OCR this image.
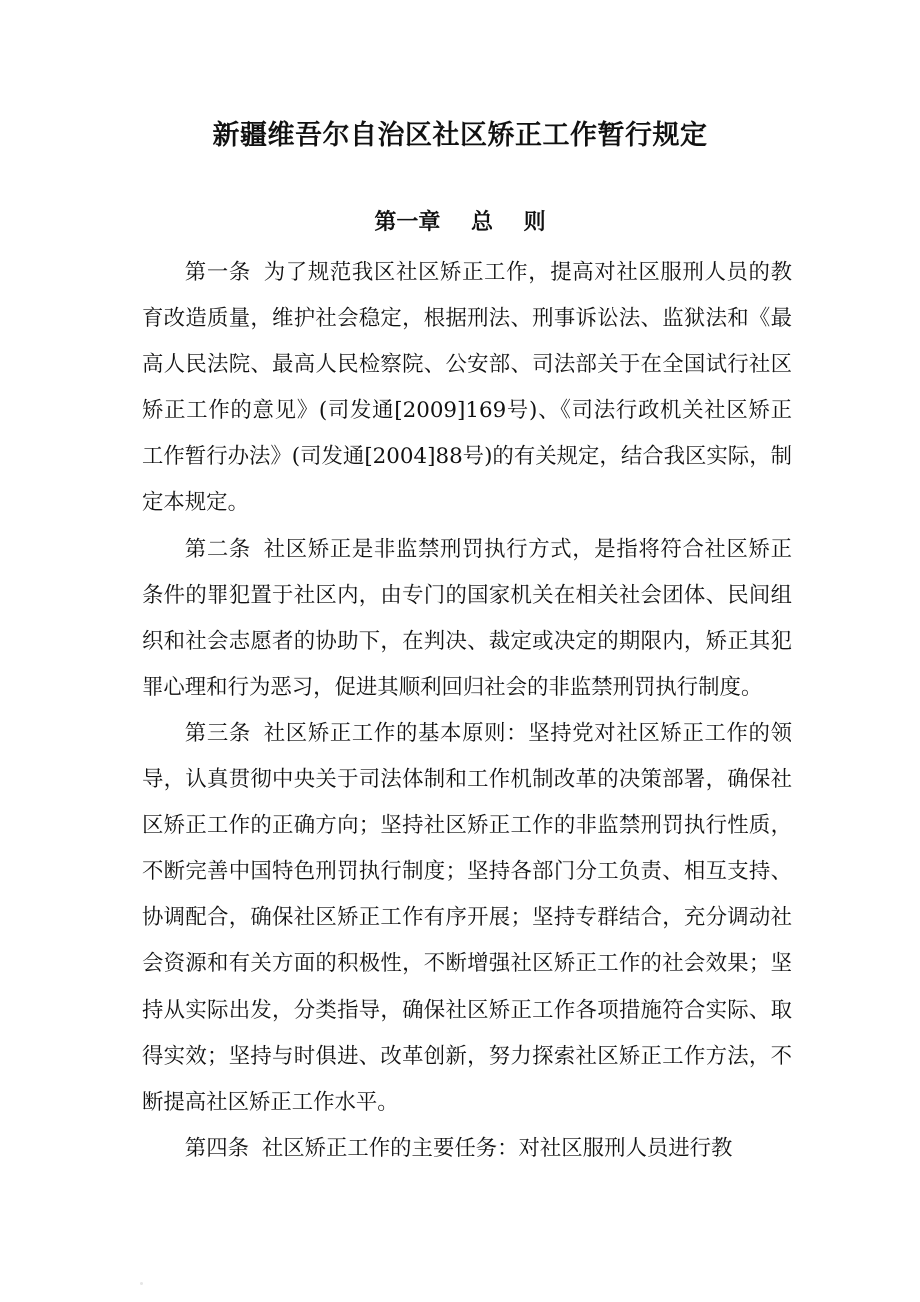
新疆维吾尔自治区社区矫正工作暂行规定
第一章    总    则

第一条 为了规范我区社区矫正工作，提高对社区服刑人员的教育改造质量，维护社会稳定，根据刑法、刑事诉讼法、监狱法和《最高人民法院、最高人民检察院、公安部、司法部关于在全国试行社区矫正工作的意见》(司发通[2009]169号)、《司法行政机关社区矫正工作暂行办法》(司发通[2004]88号)的有关规定，结合我区实际，制定本规定。

第二条 社区矫正是非监禁刑罚执行方式，是指将符合社区矫正条件的罪犯置于社区内，由专门的国家机关在相关社会团体、民间组织和社会志愿者的协助下，在判决、裁定或决定的期限内，矫正其犯罪心理和行为恶习，促进其顺利回归社会的非监禁刑罚执行制度。

第三条 社区矫正工作的基本原则：坚持党对社区矫正工作的领导，认真贯彻中央关于司法体制和工作机制改革的决策部署，确保社区矫正工作的正确方向；坚持社区矫正工作的非监禁刑罚执行性质，不断完善中国特色刑罚执行制度；坚持各部门分工负责、相互支持、协调配合，确保社区矫正工作有序开展；坚持专群结合，充分调动社会资源和有关方面的积极性，不断增强社区矫正工作的社会效果；坚持从实际出发，分类指导，确保社区矫正工作各项措施符合实际、取得实效；坚持与时俱进、改革创新，努力探索社区矫正工作方法，不断提高社区矫正工作水平。

第四条 社区矫正工作的主要任务：对社区服刑人员进行教
